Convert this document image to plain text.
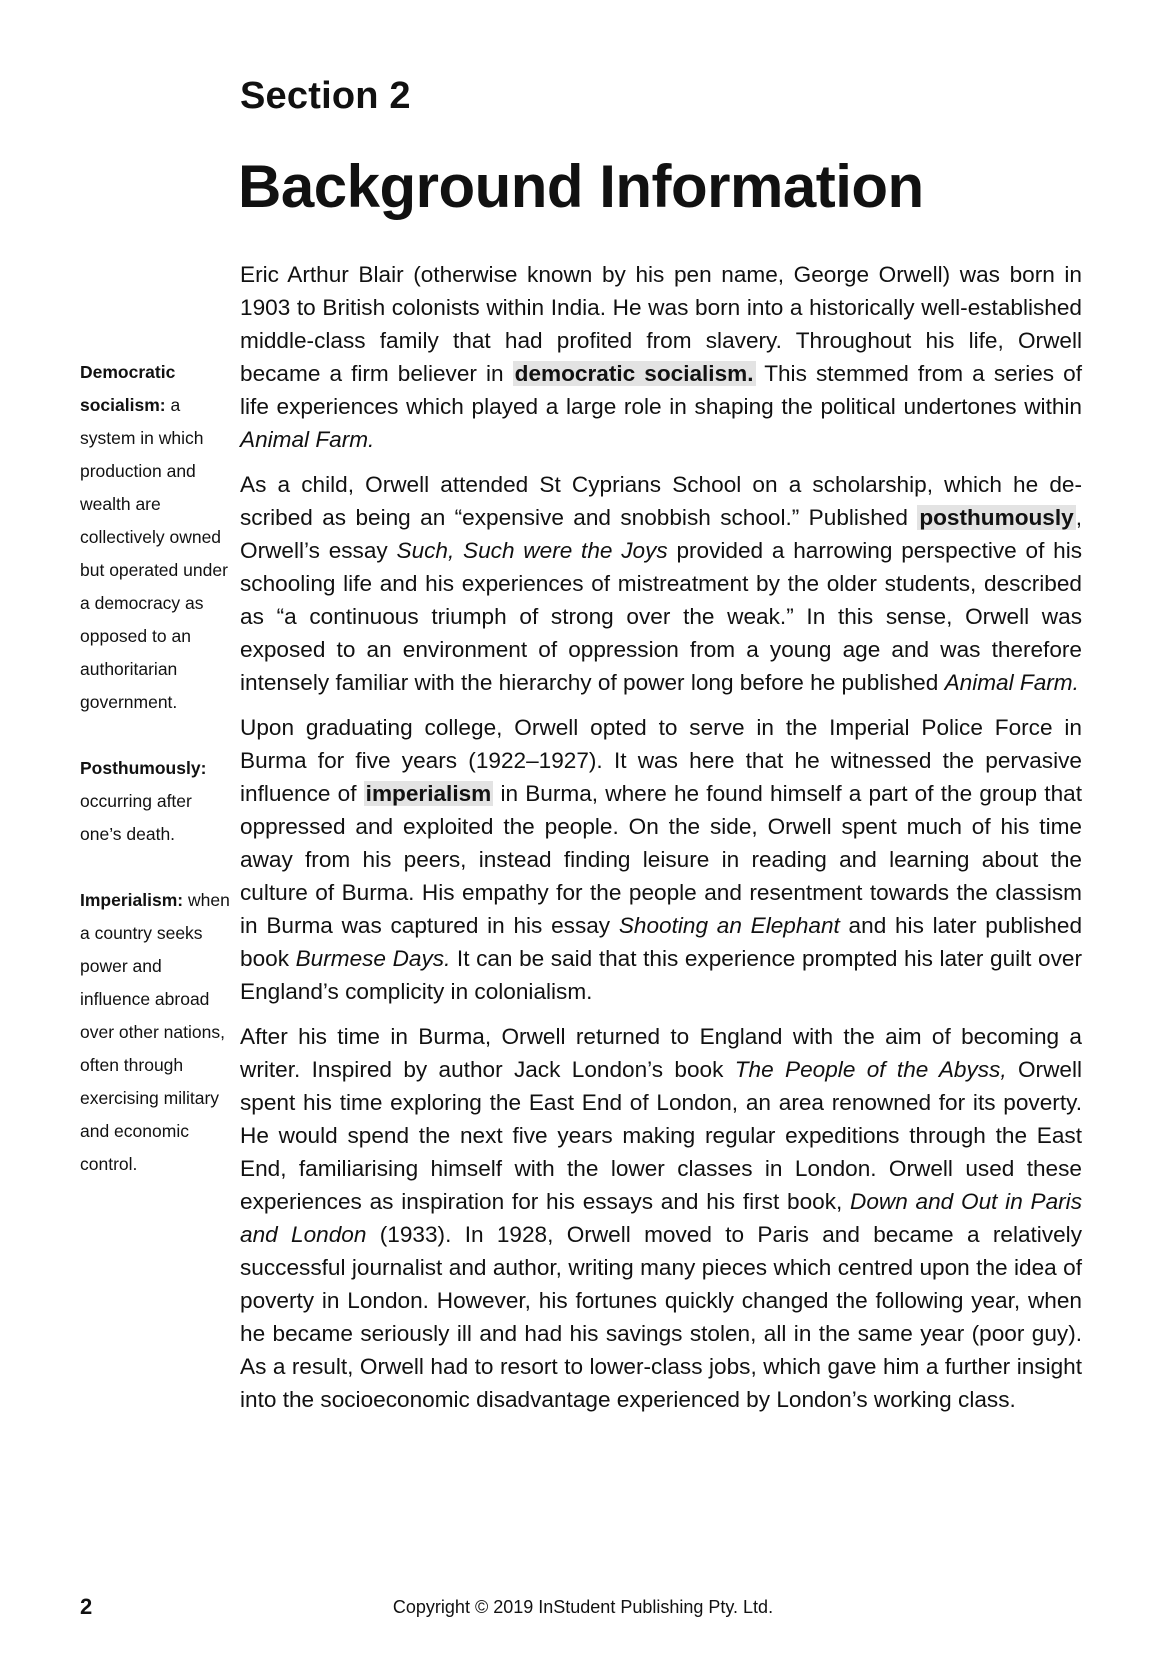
Section 2
Background Information

Democratic socialism: a system in which production and wealth are collectively owned but operated under a democracy as opposed to an authoritarian government.

Posthumously: occurring after one’s death.

Imperialism: when a country seeks power and influence abroad over other nations, often through exercising military and economic control.

Eric Arthur Blair (otherwise known by his pen name, George Orwell) was born in 1903 to British colonists within India. He was born into a historically well-established middle-class family that had profited from slavery. Throughout his life, Orwell became a firm believer in democratic socialism. This stemmed from a series of life experiences which played a large role in shaping the political undertones within Animal Farm.

As a child, Orwell attended St Cyprians School on a scholarship, which he described as being an “expensive and snobbish school.” Published posthumously, Orwell’s essay Such, Such were the Joys provided a harrowing perspective of his schooling life and his experiences of mistreatment by the older students, described as “a continuous triumph of strong over the weak.” In this sense, Orwell was exposed to an environment of oppression from a young age and was therefore intensely familiar with the hierarchy of power long before he published Animal Farm.

Upon graduating college, Orwell opted to serve in the Imperial Police Force in Burma for five years (1922–1927). It was here that he witnessed the pervasive influence of imperialism in Burma, where he found himself a part of the group that oppressed and exploited the people. On the side, Orwell spent much of his time away from his peers, instead finding leisure in reading and learning about the culture of Burma. His empathy for the people and resentment towards the classism in Burma was captured in his essay Shooting an Elephant and his later published book Burmese Days. It can be said that this experience prompted his later guilt over England’s complicity in colonialism.

After his time in Burma, Orwell returned to England with the aim of becoming a writer. Inspired by author Jack London’s book The People of the Abyss, Orwell spent his time exploring the East End of London, an area renowned for its poverty. He would spend the next five years making regular expeditions through the East End, familiarising himself with the lower classes in London. Orwell used these experiences as inspiration for his essays and his first book, Down and Out in Paris and London (1933). In 1928, Orwell moved to Paris and became a relatively successful journalist and author, writing many pieces which centred upon the idea of poverty in London. However, his fortunes quickly changed the following year, when he became seriously ill and had his savings stolen, all in the same year (poor guy). As a result, Orwell had to resort to lower-class jobs, which gave him a further insight into the socioeconomic disadvantage experienced by London’s working class.

2	Copyright © 2019 InStudent Publishing Pty. Ltd.
